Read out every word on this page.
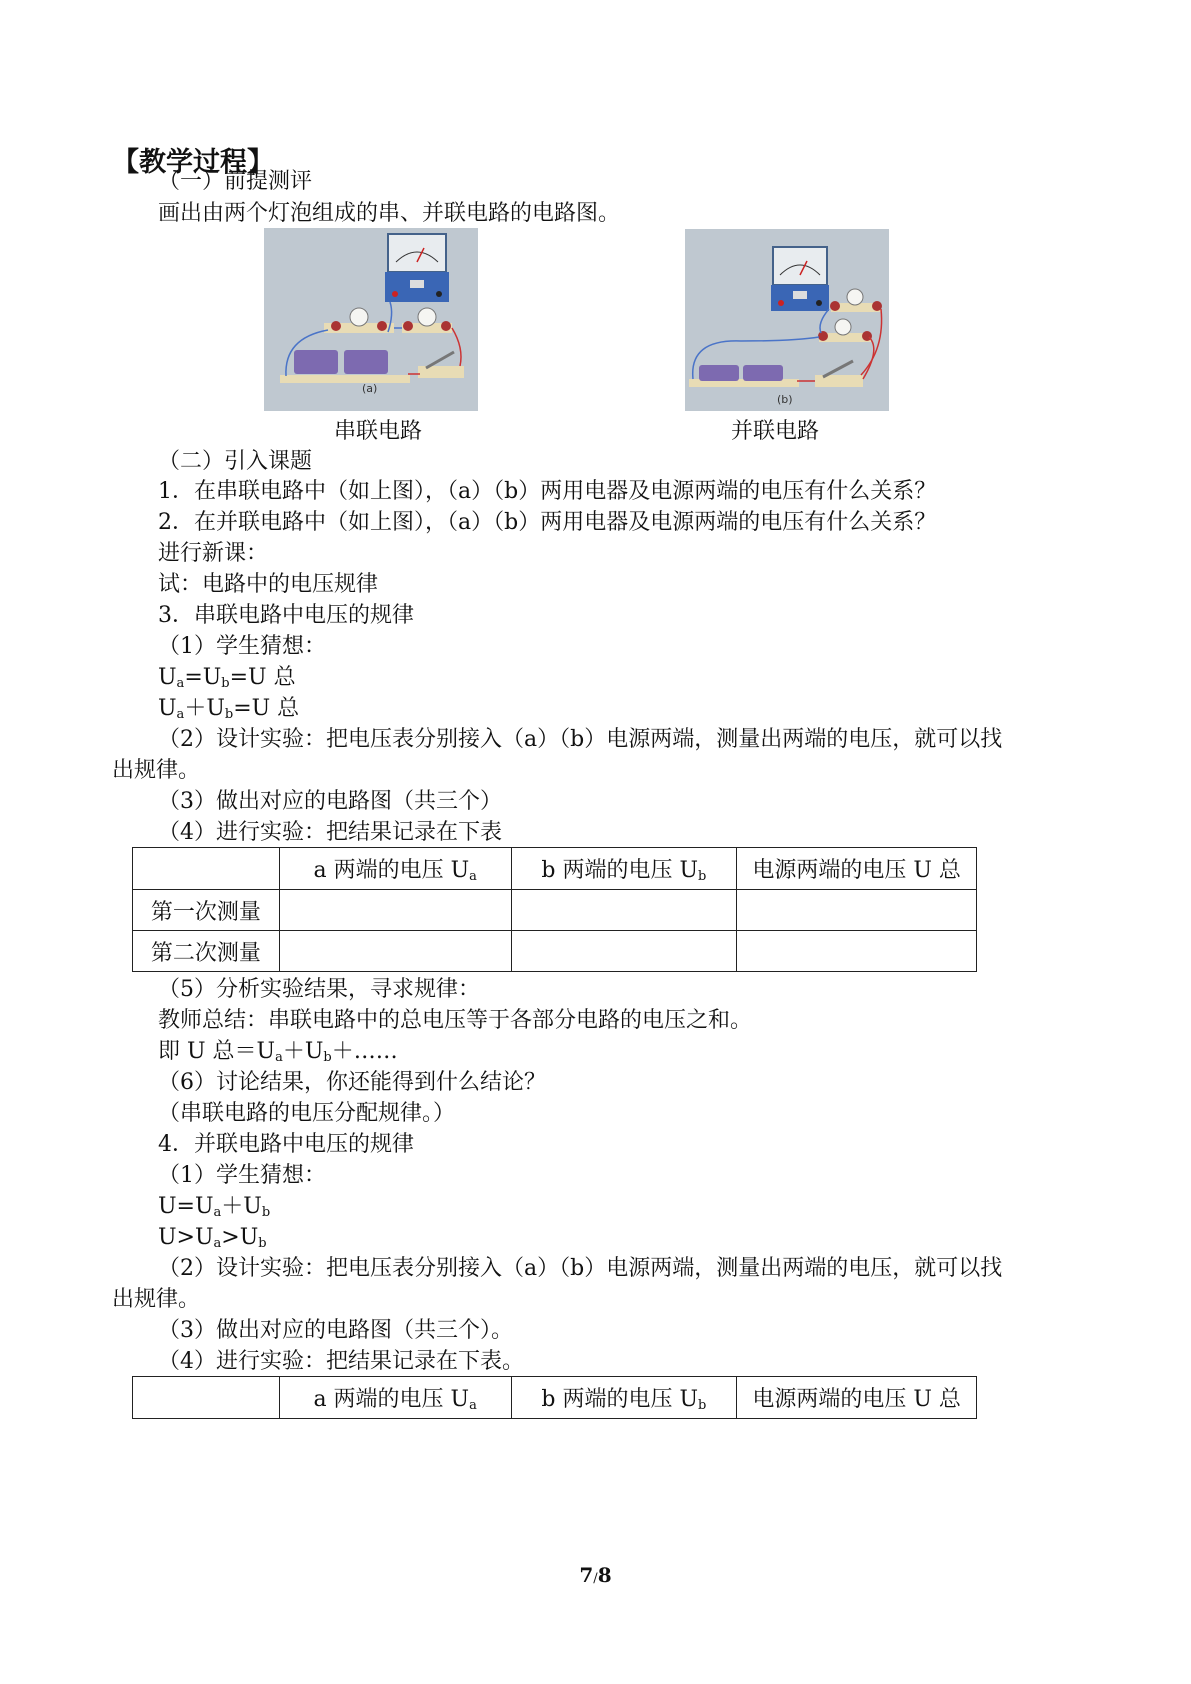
【教学过程】
（一）前提测评
画出由两个灯泡组成的串、并联电路的电路图。
(a)
(b)
串联电路	并联电路
（二）引入课题
1．在串联电路中（如上图），（a）（b）两用电器及电源两端的电压有什么关系？
2．在并联电路中（如上图），（a）（b）两用电器及电源两端的电压有什么关系？
进行新课：
试：电路中的电压规律
3．串联电路中电压的规律
（1）学生猜想：
$U_a=U_b=U$ 总
$U_a+U_b=U$ 总
（2）设计实验：把电压表分别接入（a）（b）电源两端，测量出两端的电压，就可以找
出规律。
（3）做出对应的电路图（共三个）
（4）进行实验：把结果记录在下表
	a 两端的电压 $U_a$	b 两端的电压 $U_b$	电源两端的电压 U 总
第一次测量			
第二次测量			
（5）分析实验结果，寻求规律：
教师总结：串联电路中的总电压等于各部分电路的电压之和。
即 U 总$=U_a+U_b+\dots\dots$
（6）讨论结果，你还能得到什么结论？
（串联电路的电压分配规律。）
4．并联电路中电压的规律
（1）学生猜想：
$U=U_a+U_b$
$U>U_a>U_b$
（2）设计实验：把电压表分别接入（a）（b）电源两端，测量出两端的电压，就可以找
出规律。
（3）做出对应的电路图（共三个）。
（4）进行实验：把结果记录在下表。
	a 两端的电压 $U_a$	b 两端的电压 $U_b$	电源两端的电压 U 总
7/8
